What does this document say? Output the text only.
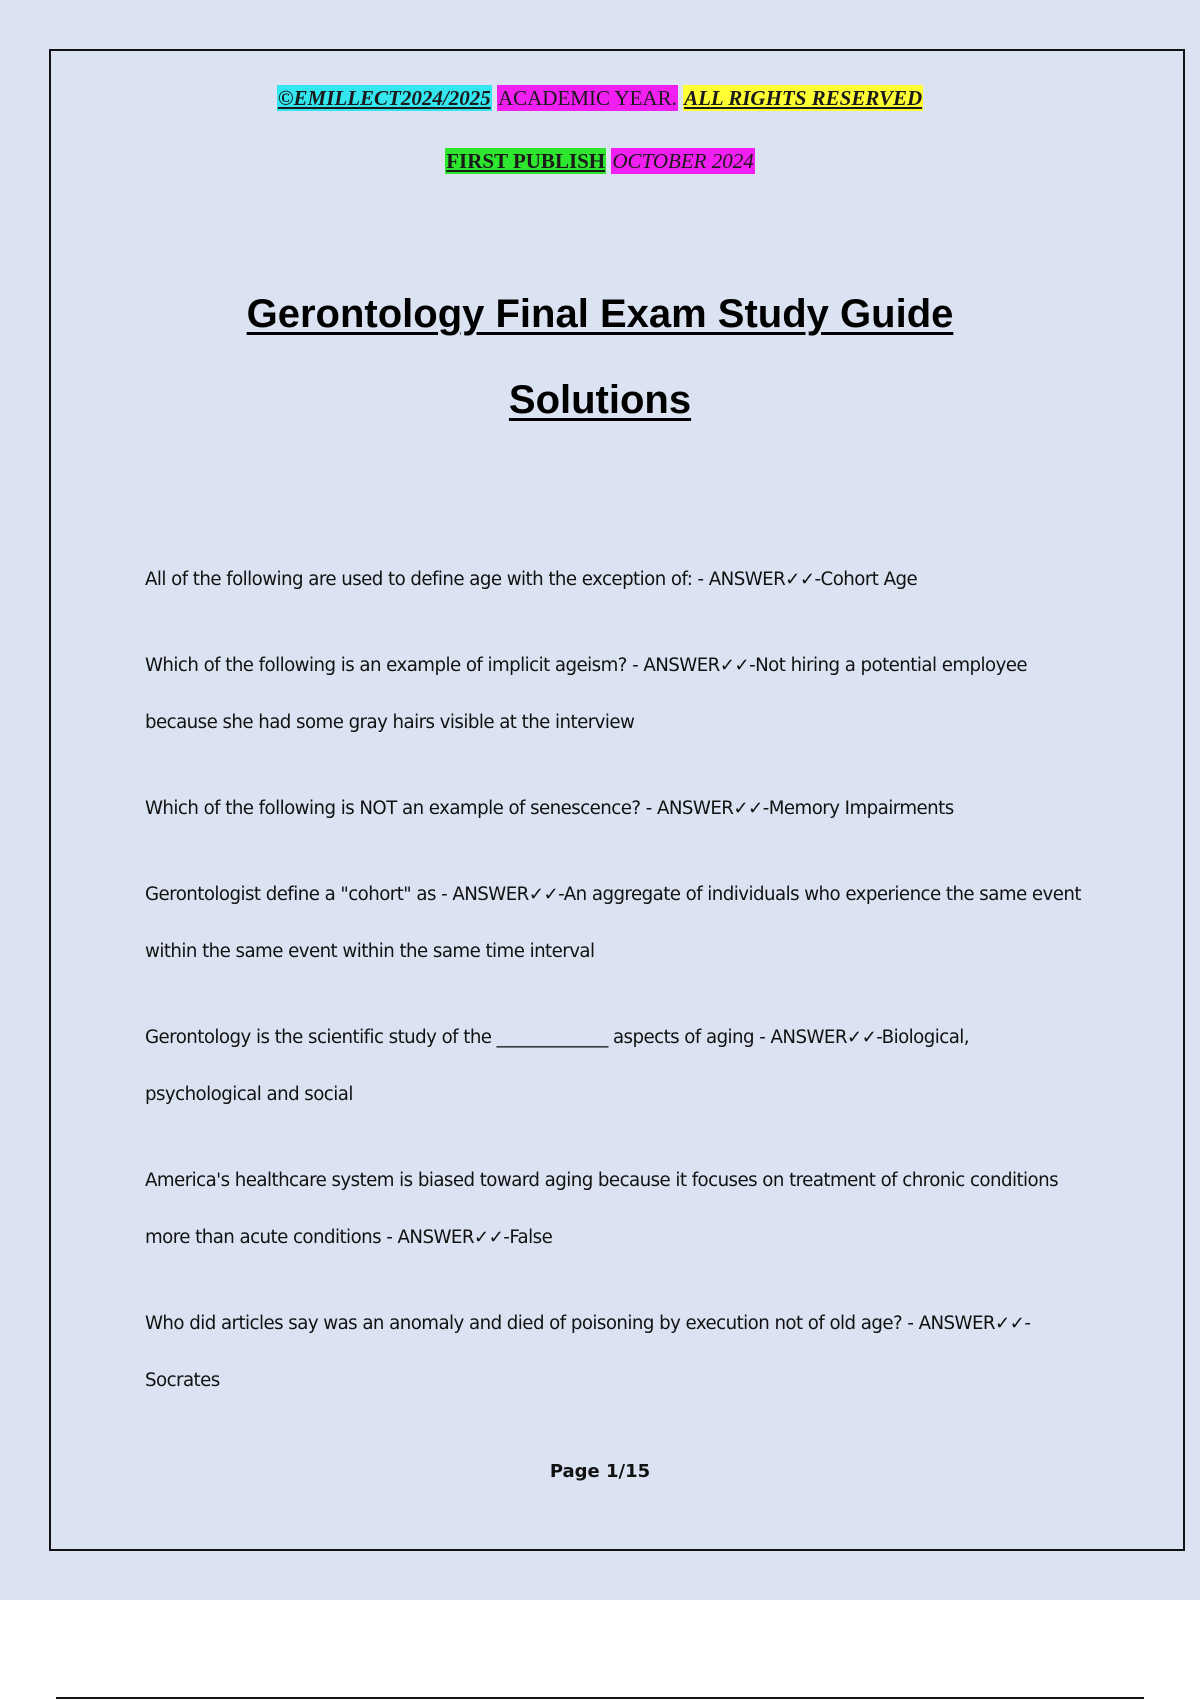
©EMILLECT2024/2025 ACADEMIC YEAR. ALL RIGHTS RESERVED
FIRST PUBLISH OCTOBER 2024
Gerontology Final Exam Study Guide
Solutions
All of the following are used to define age with the exception of: - ANSWER✓✓-Cohort Age
Which of the following is an example of implicit ageism? - ANSWER✓✓-Not hiring a potential employee because she had some gray hairs visible at the interview
Which of the following is NOT an example of senescence? - ANSWER✓✓-Memory Impairments
Gerontologist define a "cohort" as - ANSWER✓✓-An aggregate of individuals who experience the same event within the same event within the same time interval
Gerontology is the scientific study of the _____________ aspects of aging - ANSWER✓✓-Biological, psychological and social
America's healthcare system is biased toward aging because it focuses on treatment of chronic conditions more than acute conditions - ANSWER✓✓-False
Who did articles say was an anomaly and died of poisoning by execution not of old age? - ANSWER✓✓-Socrates
Page 1/15
